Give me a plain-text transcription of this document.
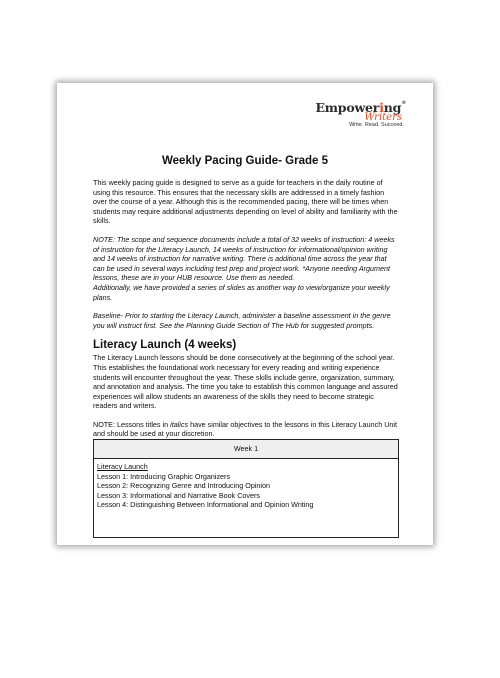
Empowering®
Writers
Write. Read. Succeed.
Weekly Pacing Guide- Grade 5

This weekly pacing guide is designed to serve as a guide for teachers in the daily routine of using this resource. This ensures that the necessary skills are addressed in a timely fashion over the course of a year. Although this is the recommended pacing, there will be times when students may require additional adjustments depending on level of ability and familiarity with the skills.

NOTE: The scope and sequence documents include a total of 32 weeks of instruction: 4 weeks of instruction for the Literacy Launch, 14 weeks of instruction for informational/opinion writing and 14 weeks of instruction for narrative writing. There is additional time across the year that can be used in several ways including test prep and project work. *Anyone needing Argument lessons, these are in your HUB resource. Use them as needed.
Additionally, we have provided a series of slides as another way to view/organize your weekly plans.

Baseline- Prior to starting the Literacy Launch, administer a baseline assessment in the genre you will instruct first. See the Planning Guide Section of The Hub for suggested prompts.

Literacy Launch (4 weeks)

The Literacy Launch lessons should be done consecutively at the beginning of the school year. This establishes the foundational work necessary for every reading and writing experience students will encounter throughout the year. These skills include genre, organization, summary, and annotation and analysis. The time you take to establish this common language and assured experiences will allow students an awareness of the skills they need to become strategic readers and writers.

NOTE: Lessons titles in italics have similar objectives to the lessons in this Literacy Launch Unit and should be used at your discretion.

Week 1

Literacy Launch
Lesson 1: Introducing Graphic Organizers
Lesson 2: Recognizing Genre and Introducing Opinion
Lesson 3: Informational and Narrative Book Covers
Lesson 4: Distinguishing Between Informational and Opinion Writing
